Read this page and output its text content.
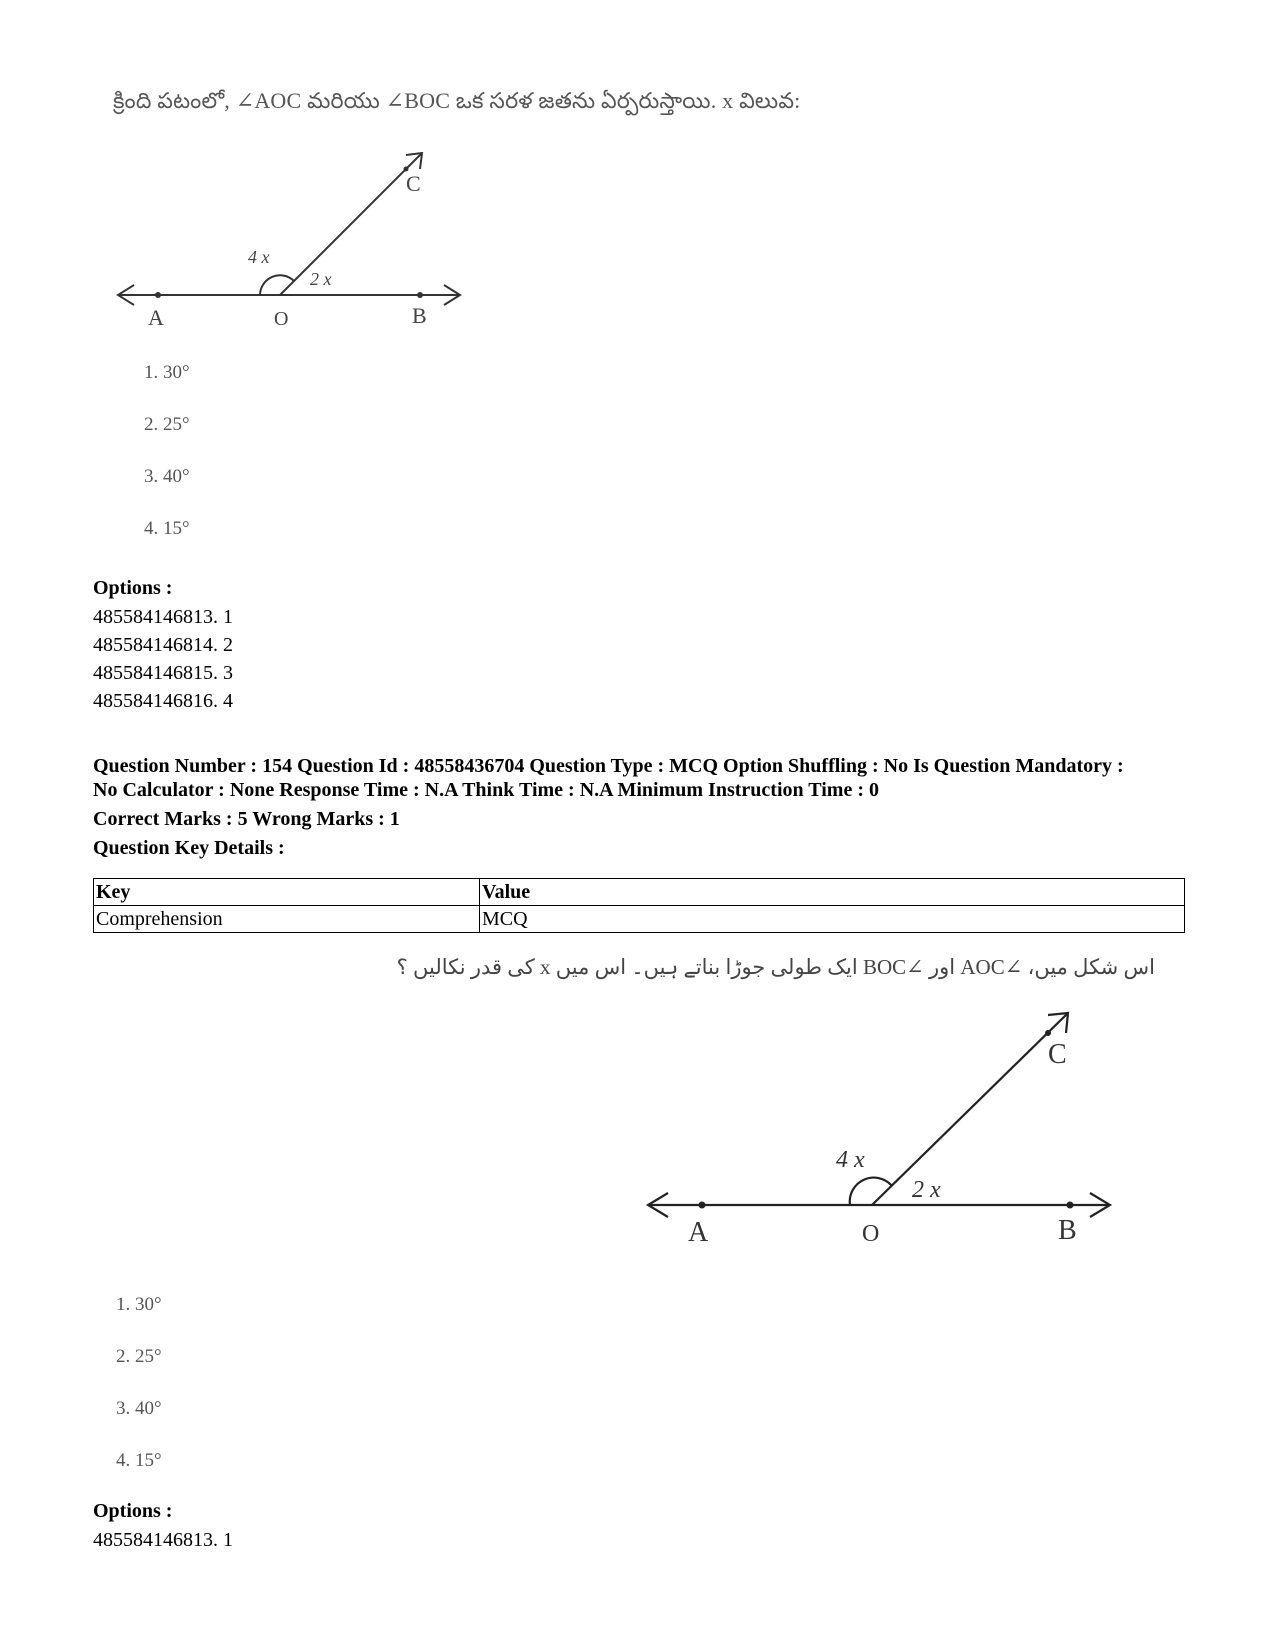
క్రింది పటంలో, ∠AOC మరియు ∠BOC ఒక సరళ జతను ఏర్పరుస్తాయి. x విలువ:
A	O	B
C
4 x
2 x
1. 30°
2. 25°
3. 40°
4. 15°
Options :
485584146813. 1
485584146814. 2
485584146815. 3
485584146816. 4
Question Number : 154 Question Id : 48558436704 Question Type : MCQ Option Shuffling : No Is Question Mandatory :
No Calculator : None Response Time : N.A Think Time : N.A Minimum Instruction Time : 0
Correct Marks : 5 Wrong Marks : 1
Question Key Details :
Key	Value
Comprehension	MCQ
اس شکل میں، ∠AOC اور ∠BOC ایک طولی جوڑا بناتے ہیں۔ اس میں x کی قدر نکالیں ؟
A	O	B
C
4 x
2 x
1. 30°
2. 25°
3. 40°
4. 15°
Options :
485584146813. 1
